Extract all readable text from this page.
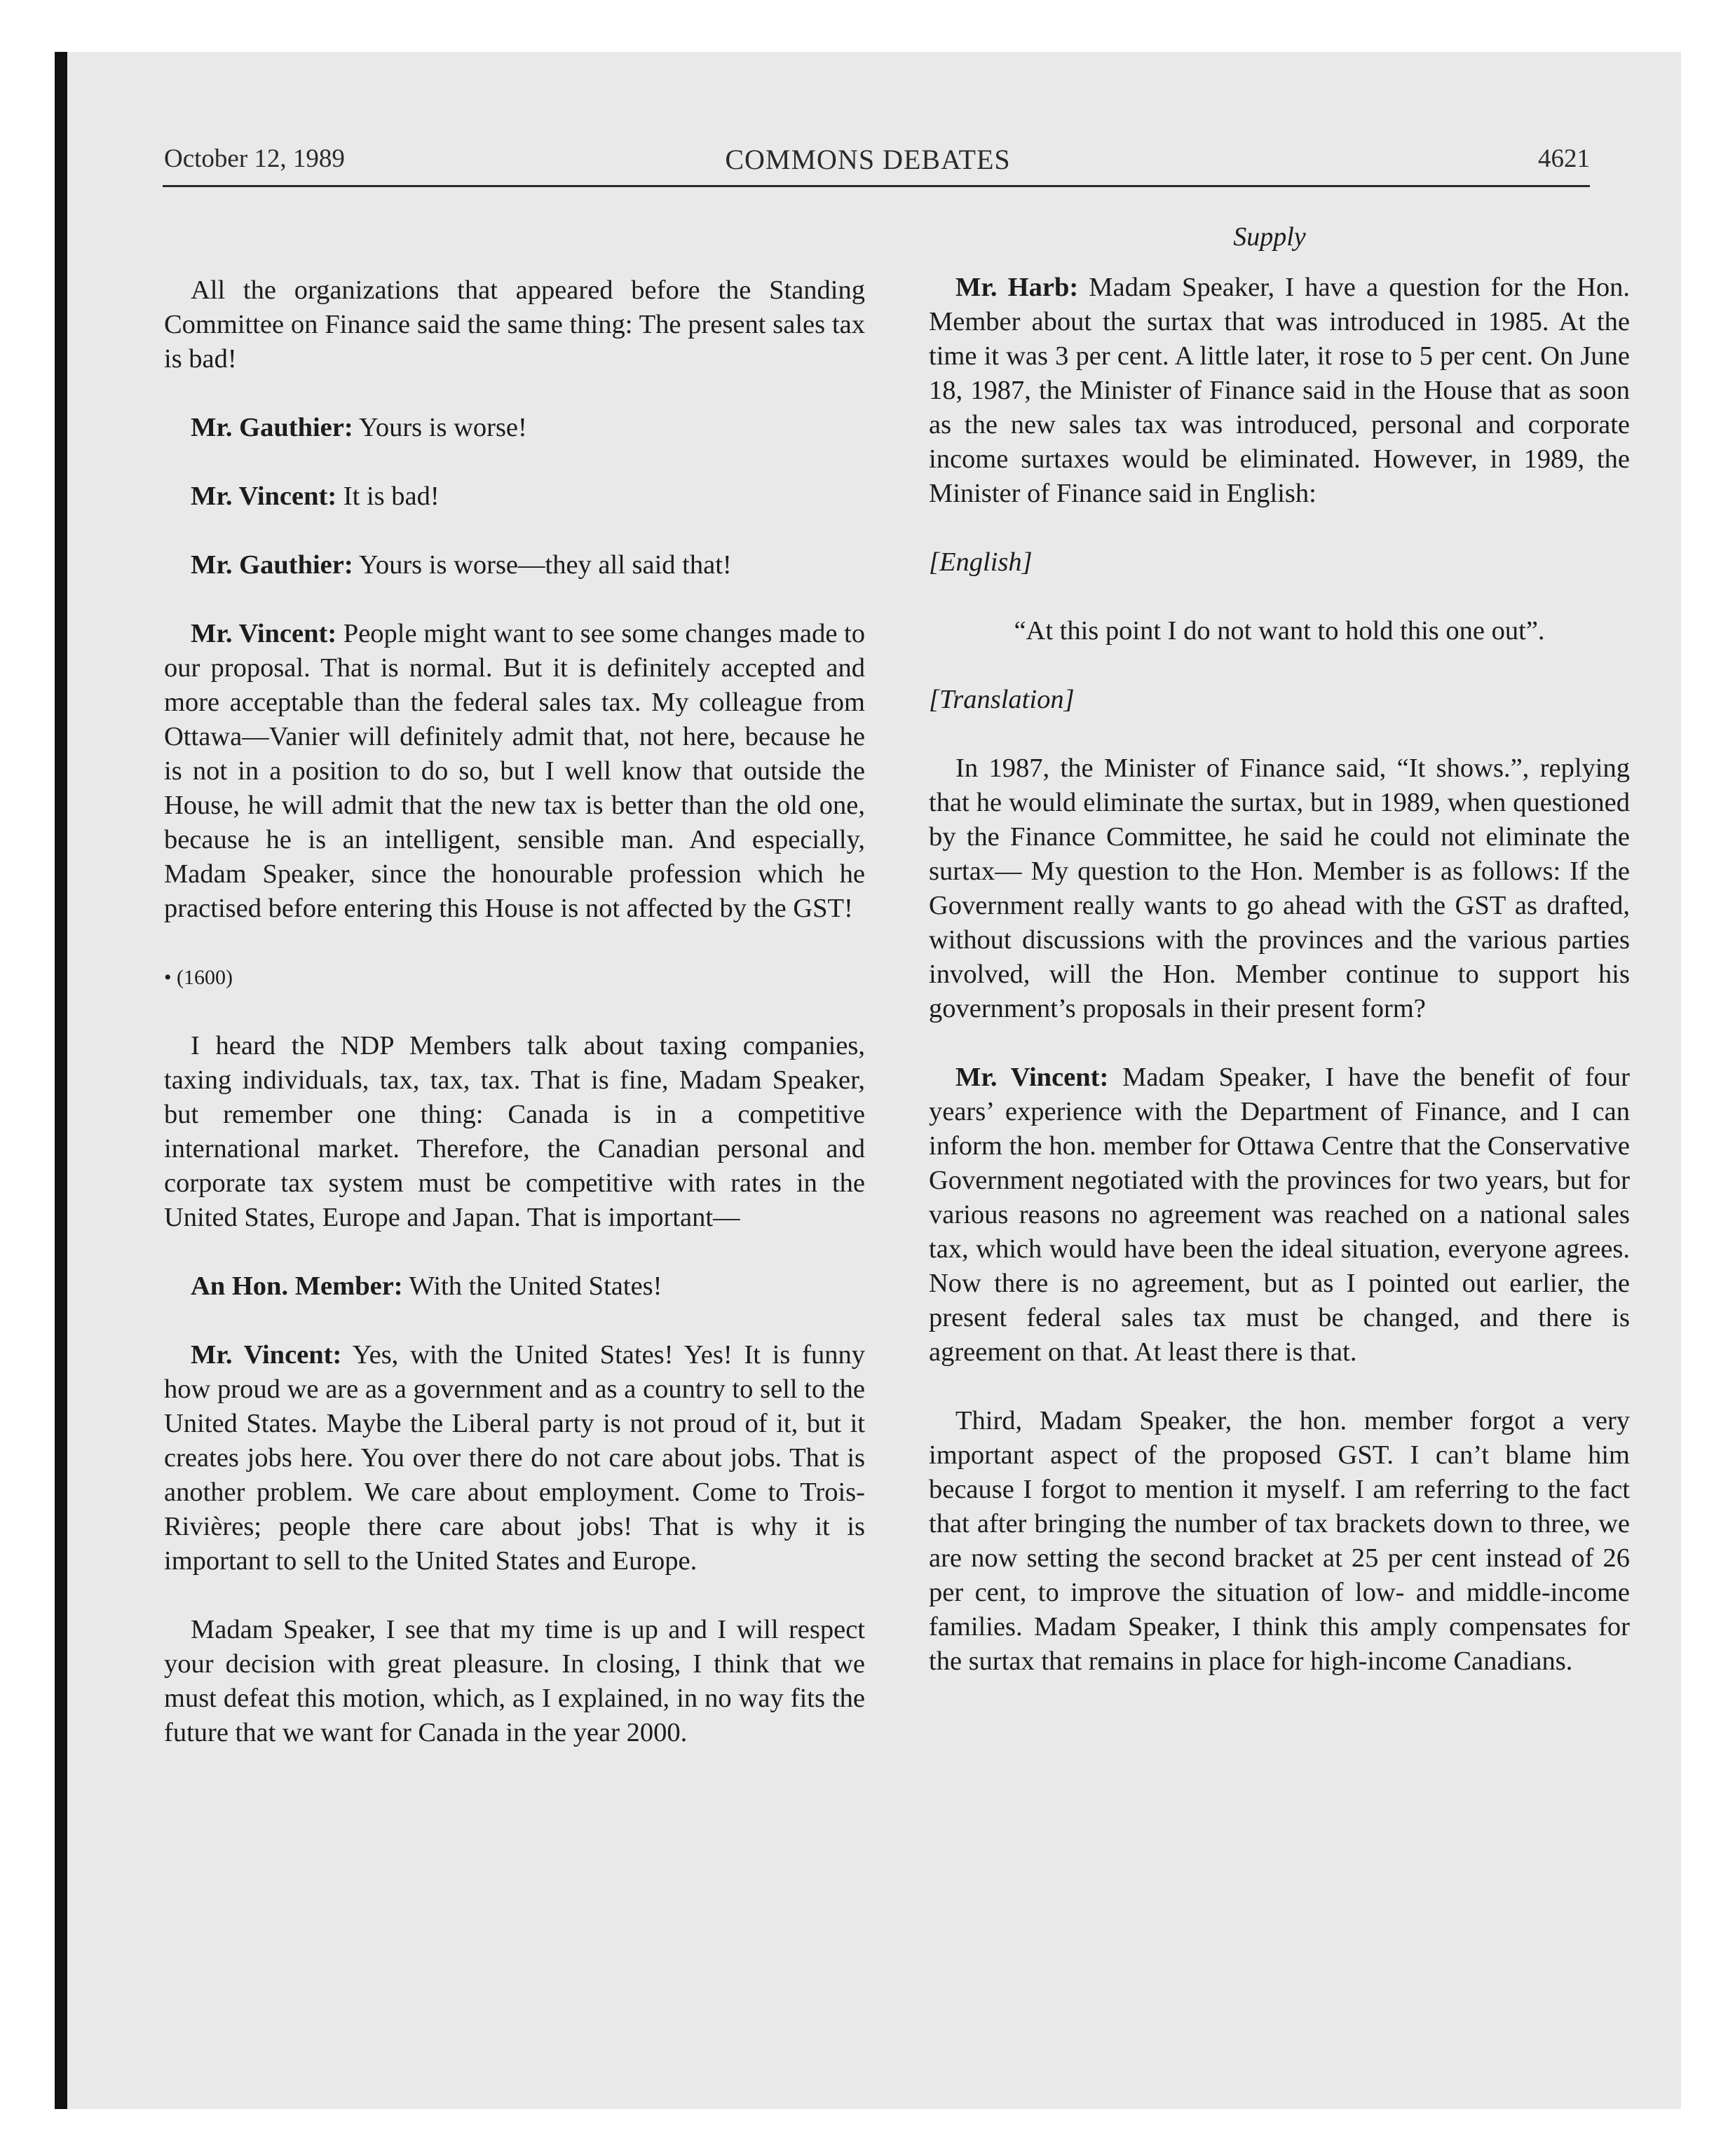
October 12, 1989	COMMONS DEBATES	4621
Supply

All the organizations that appeared before the Standing Committee on Finance said the same thing: The present sales tax is bad!

Mr. Gauthier: Yours is worse!

Mr. Vincent: It is bad!

Mr. Gauthier: Yours is worse—they all said that!

Mr. Vincent: People might want to see some changes made to our proposal. That is normal. But it is definitely accepted and more acceptable than the federal sales tax. My colleague from Ottawa—Vanier will definitely admit that, not here, because he is not in a position to do so, but I well know that outside the House, he will admit that the new tax is better than the old one, because he is an intelligent, sensible man. And especially, Madam Speaker, since the honourable profession which he practised before entering this House is not affected by the GST!

• (1600)

I heard the NDP Members talk about taxing companies, taxing individuals, tax, tax, tax. That is fine, Madam Speaker, but remember one thing: Canada is in a competitive international market. Therefore, the Canadian personal and corporate tax system must be competitive with rates in the United States, Europe and Japan. That is important—

An Hon. Member: With the United States!

Mr. Vincent: Yes, with the United States! Yes! It is funny how proud we are as a government and as a country to sell to the United States. Maybe the Liberal party is not proud of it, but it creates jobs here. You over there do not care about jobs. That is another problem. We care about employment. Come to Trois-Rivières; people there care about jobs! That is why it is important to sell to the United States and Europe.

Madam Speaker, I see that my time is up and I will respect your decision with great pleasure. In closing, I think that we must defeat this motion, which, as I explained, in no way fits the future that we want for Canada in the year 2000.

Mr. Harb: Madam Speaker, I have a question for the Hon. Member about the surtax that was introduced in 1985. At the time it was 3 per cent. A little later, it rose to 5 per cent. On June 18, 1987, the Minister of Finance said in the House that as soon as the new sales tax was introduced, personal and corporate income surtaxes would be eliminated. However, in 1989, the Minister of Finance said in English:

[English]

“At this point I do not want to hold this one out”.

[Translation]

In 1987, the Minister of Finance said, “It shows.”, replying that he would eliminate the surtax, but in 1989, when questioned by the Finance Committee, he said he could not eliminate the surtax— My question to the Hon. Member is as follows: If the Government really wants to go ahead with the GST as drafted, without discussions with the provinces and the various parties involved, will the Hon. Member continue to support his government’s proposals in their present form?

Mr. Vincent: Madam Speaker, I have the benefit of four years’ experience with the Department of Finance, and I can inform the hon. member for Ottawa Centre that the Conservative Government negotiated with the provinces for two years, but for various reasons no agreement was reached on a national sales tax, which would have been the ideal situation, everyone agrees. Now there is no agreement, but as I pointed out earlier, the present federal sales tax must be changed, and there is agreement on that. At least there is that.

Third, Madam Speaker, the hon. member forgot a very important aspect of the proposed GST. I can’t blame him because I forgot to mention it myself. I am referring to the fact that after bringing the number of tax brackets down to three, we are now setting the second bracket at 25 per cent instead of 26 per cent, to improve the situation of low- and middle-income families. Madam Speaker, I think this amply compensates for the surtax that remains in place for high-income Canadians.
